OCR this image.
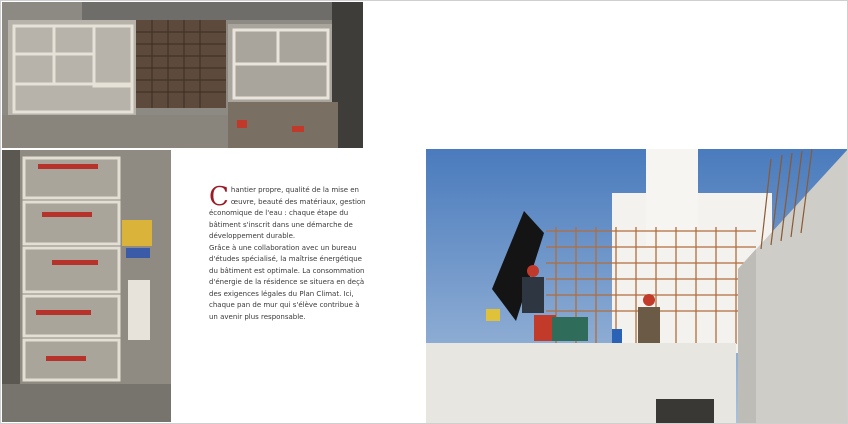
Chantier propre, qualité de la mise en œuvre, beauté des matériaux, gestion économique de l'eau : chaque étape du bâtiment s'inscrit dans une démarche de développement durable.
Grâce à une collaboration avec un bureau d'études spécialisé, la maîtrise énergétique du bâtiment est optimale. La consommation d'énergie de la résidence se situera en deçà des exigences légales du Plan Climat. Ici, chaque pan de mur qui s'élève contribue à un avenir plus responsable.
